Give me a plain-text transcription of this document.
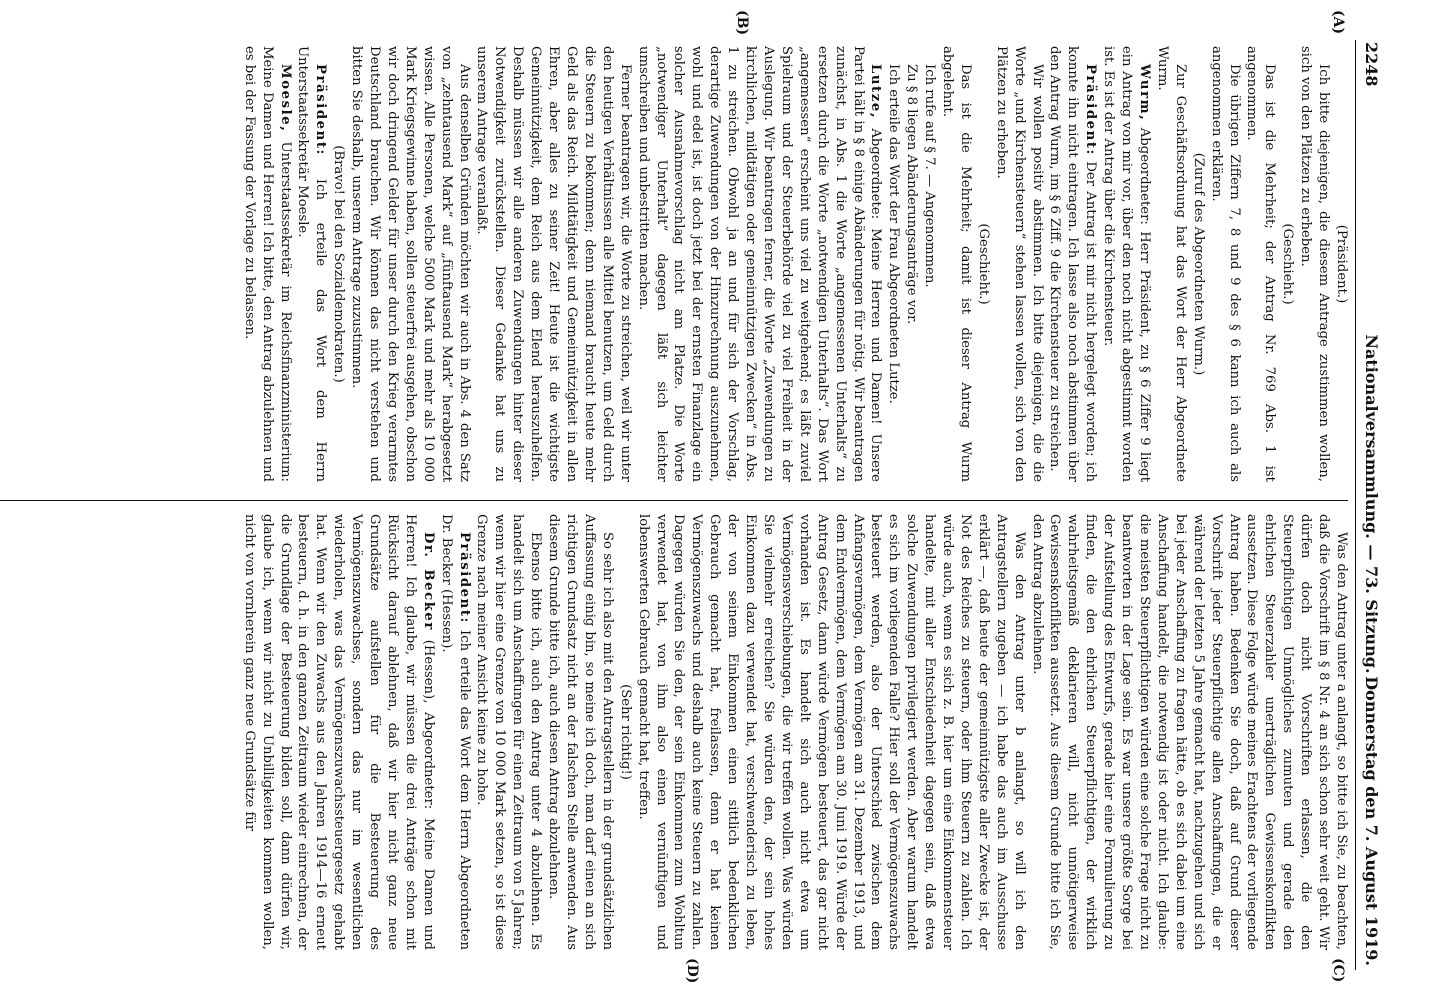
2248
Nationalversammlung. — 73. Sitzung.
Donnerstag den 7. August 1919.
(A)
(B)
(C)
(D)

(Präsident.)

Ich bitte diejenigen, die diesem Antrage zustimmen wollen, sich von den Plätzen zu erheben.

(Geschieht.)

Das ist die Mehrheit; der Antrag Nr. 769 Abs. 1 ist angenommen.

Die übrigen Ziffern 7, 8 und 9 des § 6 kann ich auch als angenommen erklären.

(Zuruf des Abgeordneten Wurm.)

Zur Geschäftsordnung hat das Wort der Herr Abgeordnete Wurm.

Wurm, Abgeordneter: Herr Präsident, zu § 6 Ziffer 9 liegt ein Antrag von mir vor, über den noch nicht abgestimmt worden ist. Es ist der Antrag über die Kirchensteuer.

Präsident: Der Antrag ist mir nicht hergelegt worden; ich konnte ihn nicht eintragen. Ich lasse also noch abstimmen über den Antrag Wurm, im § 6 Ziff. 9 die Kirchensteuer zu streichen.

Wir wollen positiv abstimmen. Ich bitte diejenigen, die die Worte „und Kirchensteuern“ stehen lassen wollen, sich von den Plätzen zu erheben.

(Geschieht.)

Das ist die Mehrheit; damit ist dieser Antrag Wurm abgelehnt.

Ich rufe auf § 7. — Angenommen.

Zu § 8 liegen Abänderungsanträge vor.

Ich erteile das Wort der Frau Abgeordneten Lutze.

Lutze, Abgeordnete: Meine Herren und Damen! Unsere Partei hält in § 8 einige Abänderungen für nötig. Wir beantragen zunächst, in Abs. 1 die Worte „angemessenen Unterhalts“ zu ersetzen durch die Worte „notwendigen Unterhalts“. Das Wort „angemessen“ erscheint uns viel zu weitgehend; es läßt zuviel Spielraum und der Steuerbehörde viel zu viel Freiheit in der Auslegung. Wir beantragen ferner, die Worte „Zuwendungen zu kirchlichen, mildtätigen oder gemeinnützigen Zwecken“ in Abs. 1 zu streichen. Obwohl ja an und für sich der Vorschlag, derartige Zuwendungen von der Hinzurechnung auszunehmen, wohl und edel ist, ist doch jetzt bei der ernsten Finanzlage ein solcher Ausnahmevorschlag nicht am Platze. Die Worte „notwendiger Unterhalt“ dagegen läßt sich leichter umschreiben und unbestritten machen.

Ferner beantragen wir, die Worte zu streichen, weil wir unter den heutigen Verhältnissen alle Mittel benutzen, um Geld durch die Steuern zu bekommen; denn niemand braucht heute mehr Geld als das Reich. Mildtätigkeit und Gemeinnützigkeit in allen Ehren, aber alles zu seiner Zeit! Heute ist die wichtigste Gemeinnützigkeit, dem Reich aus dem Elend herauszuhelfen. Deshalb müssen wir alle anderen Zuwendungen hinter dieser Notwendigkeit zurückstellen. Dieser Gedanke hat uns zu unserem Antrage veranlaßt.

Aus denselben Gründen möchten wir auch in Abs. 4 den Satz von „zehntausend Mark“ auf „fünftausend Mark“ herabgesetzt wissen. Alle Personen, welche 5000 Mark und mehr als 10 000 Mark Kriegsgewinne haben, sollen steuerfrei ausgehen, obschon wir doch dringend Gelder für unser durch den Krieg verarmtes Deutschland brauchen. Wir können das nicht verstehen und bitten Sie deshalb, unserem Antrage zuzustimmen.

(Bravo! bei den Sozialdemokraten.)

Präsident: Ich erteile das Wort dem Herrn Unterstaatssekretär Moesle.

Moesle, Unterstaatssekretär im Reichsfinanzministerium: Meine Damen und Herren! Ich bitte, den Antrag abzulehnen und es bei der Fassung der Vorlage zu belassen.

Was den Antrag unter a anlangt, so bitte ich Sie, zu beachten, daß die Vorschrift im § 8 Nr. 4 an sich schon sehr weit geht. Wir dürfen doch nicht Vorschriften erlassen, die den Steuerpflichtigen Unmögliches zumuten und gerade den ehrlichen Steuerzahler unerträglichen Gewissenskonflikten aussetzen. Diese Folge würde meines Erachtens der vorliegende Antrag haben. Bedenken Sie doch, daß auf Grund dieser Vorschrift jeder Steuerpflichtige allen Anschaffungen, die er während der letzten 5 Jahre gemacht hat, nachzugehen und sich bei jeder Anschaffung zu fragen hätte, ob es sich dabei um eine Anschaffung handelt, die notwendig ist oder nicht. Ich glaube: die meisten Steuerpflichtigen würden eine solche Frage nicht zu beantworten in der Lage sein. Es war unsere größte Sorge bei der Aufstellung des Entwurfs, gerade hier eine Formulierung zu finden, die den ehrlichen Steuerpflichtigen, der wirklich wahrheitsgemäß deklarieren will, nicht unnötigerweise Gewissenskonflikten aussetzt. Aus diesem Grunde bitte ich Sie, den Antrag abzulehnen.

Was den Antrag unter b anlangt, so will ich den Antragstellern zugeben — ich habe das auch im Ausschusse erklärt —, daß heute der gemeinnützigste aller Zwecke ist, der Not des Reiches zu steuern, oder ihm Steuern zu zahlen. Ich würde auch, wenn es sich z. B. hier um eine Einkommensteuer handelte, mit aller Entschiedenheit dagegen sein, daß etwa solche Zuwendungen privilegiert werden. Aber warum handelt es sich im vorliegenden Falle? Hier soll der Vermögenszuwachs besteuert werden, also der Unterschied zwischen dem Anfangsvermögen, dem Vermögen am 31. Dezember 1913, und dem Endvermögen, dem Vermögen am 30. Juni 1919. Würde der Antrag Gesetz, dann würde Vermögen besteuert, das gar nicht vorhanden ist. Es handelt sich auch nicht etwa um Vermögensverschiebungen, die wir treffen wollen. Was würden Sie vielmehr erreichen? Sie würden den, der sein hohes Einkommen dazu verwendet hat, verschwenderisch zu leben, der von seinem Einkommen einen sittlich bedenklichen Gebrauch gemacht hat, freilassen, denn er hat keinen Vermögenszuwachs und deshalb auch keine Steuern zu zahlen. Dagegen würden Sie den, der sein Einkommen zum Wohltun verwendet hat, von ihm also einen vernünftigen und lobenswerten Gebrauch gemacht hat, treffen.

(Sehr richtig!)

So sehr ich also mit den Antragstellern in der grundsätzlichen Auffassung einig bin, so meine ich doch, man darf einen an sich richtigen Grundsatz nicht an der falschen Stelle anwenden. Aus diesem Grunde bitte ich, auch diesen Antrag abzulehnen.

Ebenso bitte ich, auch den Antrag unter 4 abzulehnen. Es handelt sich um Anschaffungen für einen Zeitraum von 5 Jahren; wenn wir hier eine Grenze von 10 000 Mark setzen, so ist diese Grenze nach meiner Ansicht keine zu hohe.

Präsident: Ich erteile das Wort dem Herrn Abgeordneten Dr. Becker (Hessen).

Dr. Becker (Hessen), Abgeordneter: Meine Damen und Herren! Ich glaube, wir müssen die drei Anträge schon mit Rücksicht darauf ablehnen, daß wir hier nicht ganz neue Grundsätze aufstellen für die Besteuerung des Vermögenszuwachses, sondern das nur im wesentlichen wiederholen, was das Vermögenszuwachssteuergesetz gehabt hat. Wenn wir den Zuwachs aus den Jahren 1914—16 erneut besteuern, d. h. in den ganzen Zeitraum wieder einrechnen, der die Grundlage der Besteuerung bilden soll, dann dürfen wir, glaube ich, wenn wir nicht zu Unbilligkeiten kommen wollen, nicht von vornherein ganz neue Grundsätze für
